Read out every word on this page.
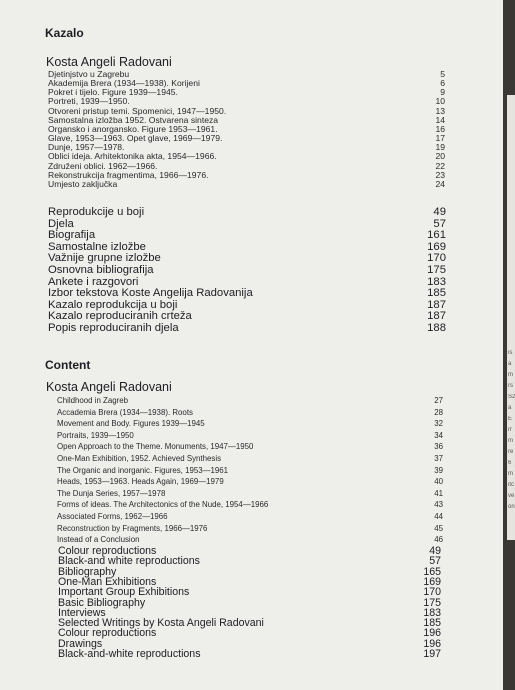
Kazalo
Kosta Angeli Radovani
Djetinjstvo u Zagrebu	5
Akademija Brera (1934—1938). Korijeni	6
Pokret i tijelo. Figure 1939—1945.	9
Portreti, 1939—1950.	10
Otvoreni pristup temi. Spomenici, 1947—1950.	13
Samostalna izložba 1952. Ostvarena sinteza	14
Organsko i anorgansko. Figure 1953—1961.	16
Glave, 1953—1963. Opet glave, 1969—1979.	17
Dunje, 1957—1978.	19
Oblici ideja. Arhitektonika akta, 1954—1966.	20
Združeni oblici. 1962—1966.	22
Rekonstrukcija fragmentima, 1966—1976.	23
Umjesto zaključka	24
Reprodukcije u boji	49
Djela	57
Biografija	161
Samostalne izložbe	169
Važnije grupne izložbe	170
Osnovna bibliografija	175
Ankete i razgovori	183
Izbor tekstova Koste Angelija Radovanija	185
Kazalo reprodukcija u boji	187
Kazalo reproduciranih crteža	187
Popis reproduciranih djela	188
Content
Kosta Angeli Radovani
Childhood in Zagreb	27
Accademia Brera (1934—1938). Roots	28
Movement and Body. Figures 1939—1945	32
Portraits, 1939—1950	34
Open Approach to the Theme. Monuments, 1947—1950	36
One-Man Exhibition, 1952. Achieved Synthesis	37
The Organic and inorganic. Figures, 1953—1961	39
Heads, 1953—1963. Heads Again, 1969—1979	40
The Dunja Series, 1957—1978	41
Forms of ideas. The Architectonics of the Nude, 1954—1966	43
Associated Forms, 1962—1966	44
Reconstruction by Fragments, 1966—1976	45
Instead of a Conclusion	46
Colour reproductions	49
Black-and white reproductions	57
Bibliography	165
One-Man Exhibitions	169
Important Group Exhibitions	170
Basic Bibliography	175
Interviews	183
Selected Writings by Kosta Angeli Radovani	185
Colour reproductions	196
Drawings	196
Black-and-white reproductions	197
is
a
m
rs
S2
a
E
rr
m
re
6
m
itc
ve
on
